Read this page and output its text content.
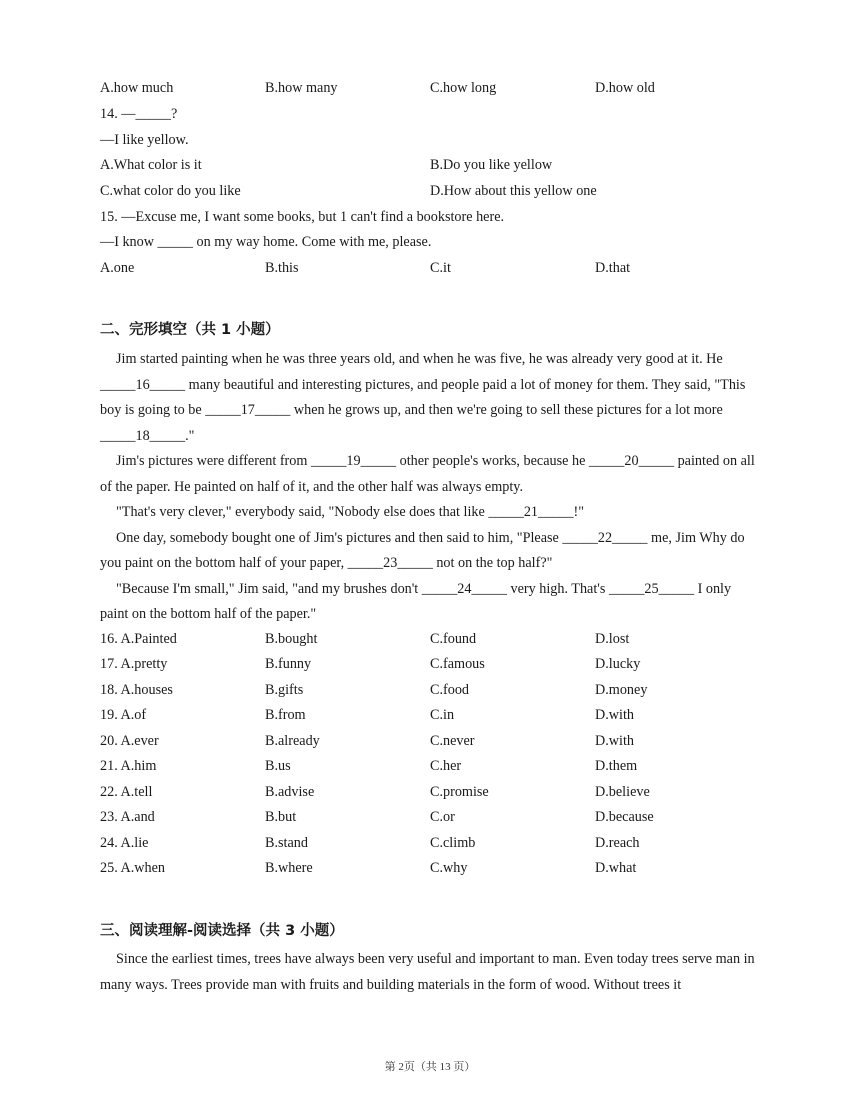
A.how much	B.how many	C.how long	D.how old
14. —_____?
—I like yellow.
A.What color is it	B.Do you like yellow
C.what color do you like	D.How about this yellow one
15. —Excuse me, I want some books, but 1 can't find a bookstore here.
—I know _____ on my way home. Come with me, please.
A.one	B.this	C.it	D.that
二、完形填空（共 1 小题）

Jim started painting when he was three years old, and when he was five, he was already very good at it. He _____16_____ many beautiful and interesting pictures, and people paid a lot of money for them. They said, "This boy is going to be _____17_____ when he grows up, and then we're going to sell these pictures for a lot more _____18_____."

Jim's pictures were different from _____19_____ other people's works, because he _____20_____ painted on all of the paper. He painted on half of it, and the other half was always empty.

"That's very clever," everybody said, "Nobody else does that like _____21_____!"

One day, somebody bought one of Jim's pictures and then said to him, "Please _____22_____ me, Jim Why do you paint on the bottom half of your paper, _____23_____ not on the top half?"

"Because I'm small," Jim said, "and my brushes don't _____24_____ very high. That's _____25_____ I only paint on the bottom half of the paper."

16. A.Painted	B.bought	C.found	D.lost
17. A.pretty	B.funny	C.famous	D.lucky
18. A.houses	B.gifts	C.food	D.money
19. A.of	B.from	C.in	D.with
20. A.ever	B.already	C.never	D.with
21. A.him	B.us	C.her	D.them
22. A.tell	B.advise	C.promise	D.believe
23. A.and	B.but	C.or	D.because
24. A.lie	B.stand	C.climb	D.reach
25. A.when	B.where	C.why	D.what
三、阅读理解-阅读选择（共 3 小题）

Since the earliest times, trees have always been very useful and important to man. Even today trees serve man in many ways. Trees provide man with fruits and building materials in the form of wood. Without trees it

第 2页（共 13 页）
